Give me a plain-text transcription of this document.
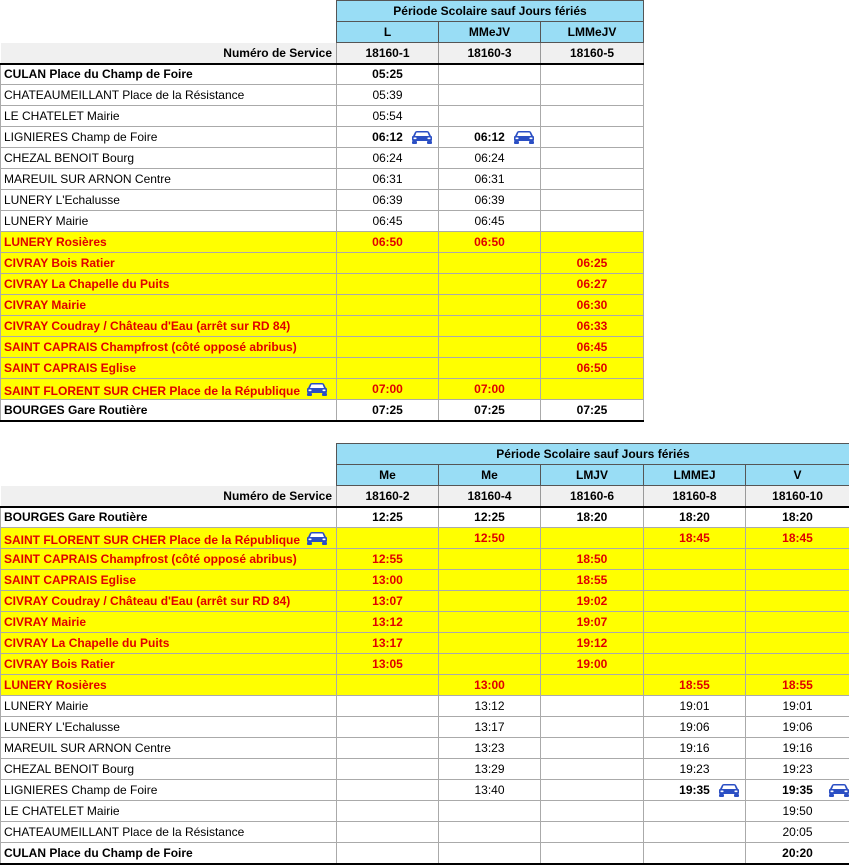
	Période Scolaire sauf Jours fériés		
	L	MMeJV	LMMeJV
Numéro de Service	18160-1	18160-3	18160-5
CULAN Place du Champ de Foire	05:25		
CHATEAUMEILLANT Place de la Résistance	05:39		
LE CHATELET Mairie	05:54		
LIGNIERES Champ de Foire	06:12	06:12

CHEZAL BENOIT Bourg	06:24	06:24	
MAREUIL SUR ARNON Centre	06:31	06:31	
LUNERY L'Echalusse	06:39	06:39	
LUNERY Mairie	06:45	06:45	
LUNERY Rosières	06:50	06:50	
CIVRAY Bois Ratier			06:25
CIVRAY La Chapelle du Puits			06:27
CIVRAY Mairie			06:30
CIVRAY Coudray / Château d'Eau (arrêt sur RD 84)			06:33
SAINT CAPRAIS Champfrost (côté opposé abribus)			06:45
SAINT CAPRAIS Eglise			06:50
SAINT FLORENT SUR CHER Place de la République	07:00	07:00	
BOURGES Gare Routière	07:25	07:25	07:25
	Période Scolaire sauf Jours fériés				
	Me	Me	LMJV	LMMEJ	V
Numéro de Service	18160-2	18160-4	18160-6	18160-8	18160-10
BOURGES Gare Routière	12:25	12:25	18:20	18:20	18:20
SAINT FLORENT SUR CHER Place de la République		12:50		18:45	18:45
SAINT CAPRAIS Champfrost (côté opposé abribus)	12:55		18:50		
SAINT CAPRAIS Eglise	13:00		18:55		
CIVRAY Coudray / Château d'Eau (arrêt sur RD 84)	13:07		19:02		
CIVRAY Mairie	13:12		19:07		
CIVRAY La Chapelle du Puits	13:17		19:12		
CIVRAY Bois Ratier	13:05		19:00		
LUNERY Rosières		13:00		18:55	18:55
LUNERY Mairie		13:12		19:01	19:01
LUNERY L'Echalusse		13:17		19:06	19:06
MAREUIL SUR ARNON Centre		13:23		19:16	19:16
CHEZAL BENOIT Bourg		13:29		19:23	19:23
LIGNIERES Champ de Foire		13:40		19:35	19:35

LE CHATELET Mairie					19:50
CHATEAUMEILLANT Place de la Résistance					20:05
CULAN Place du Champ de Foire					20:20
